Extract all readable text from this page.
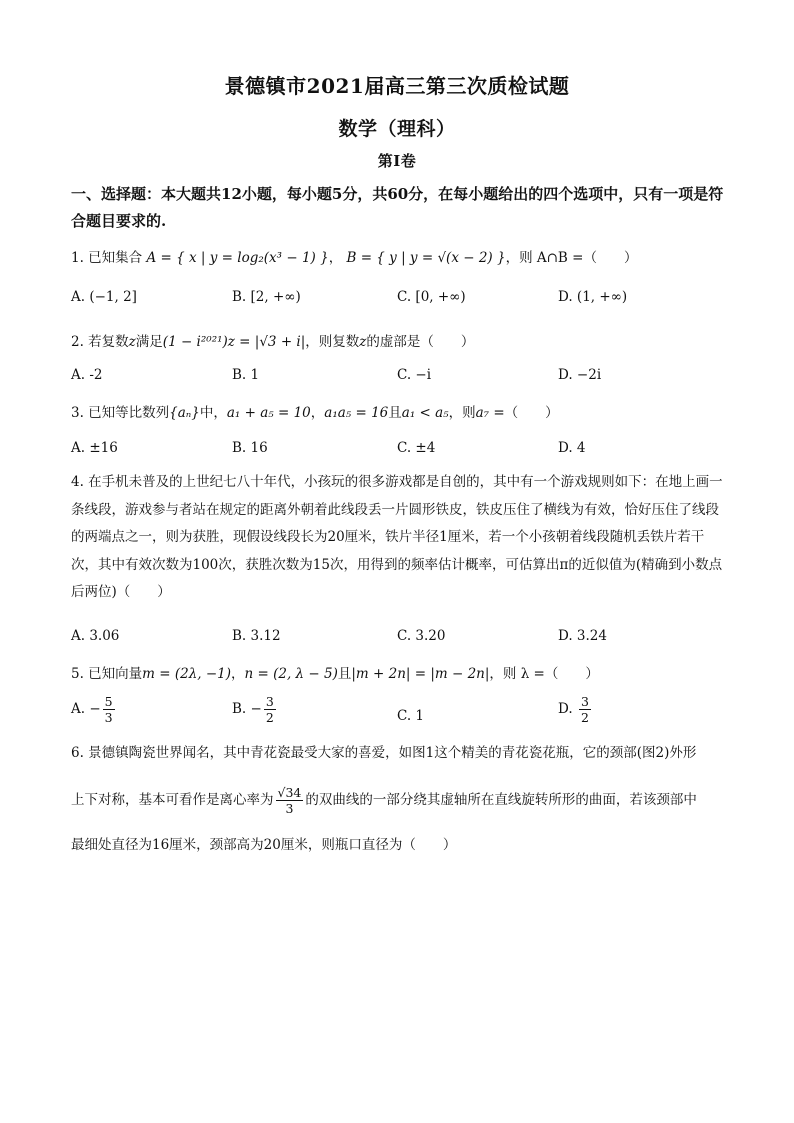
景德镇市2021届高三第三次质检试题
数学（理科）
第Ⅰ卷
一、选择题：本大题共12小题，每小题5分，共60分，在每小题给出的四个选项中，只有一项是符合题目要求的.
1. 已知集合 A = { x | y = log₂(x³ − 1) }， B = { y | y = √(x − 2) }，则 A∩B =（　　）
A. (−1, 2]	B. [2, +∞)	C. [0, +∞)	D. (1, +∞)
2. 若复数z满足(1 − i²⁰²¹)z = |√3 + i|，则复数z的虚部是（　　）
A. -2	B. 1	C. −i	D. −2i
3. 已知等比数列{aₙ}中，a₁ + a₅ = 10，a₁a₅ = 16且a₁ < a₅，则a₇ =（　　）
A. ±16	B. 16	C. ±4	D. 4
4. 在手机未普及的上世纪七八十年代，小孩玩的很多游戏都是自创的，其中有一个游戏规则如下：在地上画一条线段，游戏参与者站在规定的距离外朝着此线段丢一片圆形铁皮，铁皮压住了横线为有效，恰好压住了线段的两端点之一，则为获胜，现假设线段长为20厘米，铁片半径1厘米，若一个小孩朝着线段随机丢铁片若干次，其中有效次数为100次，获胜次数为15次，用得到的频率估计概率，可估算出π的近似值为(精确到小数点后两位)（　　）
A. 3.06	B. 3.12	C. 3.20	D. 3.24
5. 已知向量m = (2λ, −1)，n = (2, λ − 5)且|m + 2n| = |m − 2n|，则 λ =（　　）
A. − $\frac{5}{3}$	B. − $\frac{3}{2}$	C. 1	D. $\frac{3}{2}$
6. 景德镇陶瓷世界闻名，其中青花瓷最受大家的喜爱，如图1这个精美的青花瓷花瓶，它的颈部(图2)外形
上下对称，基本可看作是离心率为 $\frac{√34}{3}$ 的双曲线的一部分绕其虚轴所在直线旋转所形的曲面，若该颈部中
最细处直径为16厘米，颈部高为20厘米，则瓶口直径为（　　）
